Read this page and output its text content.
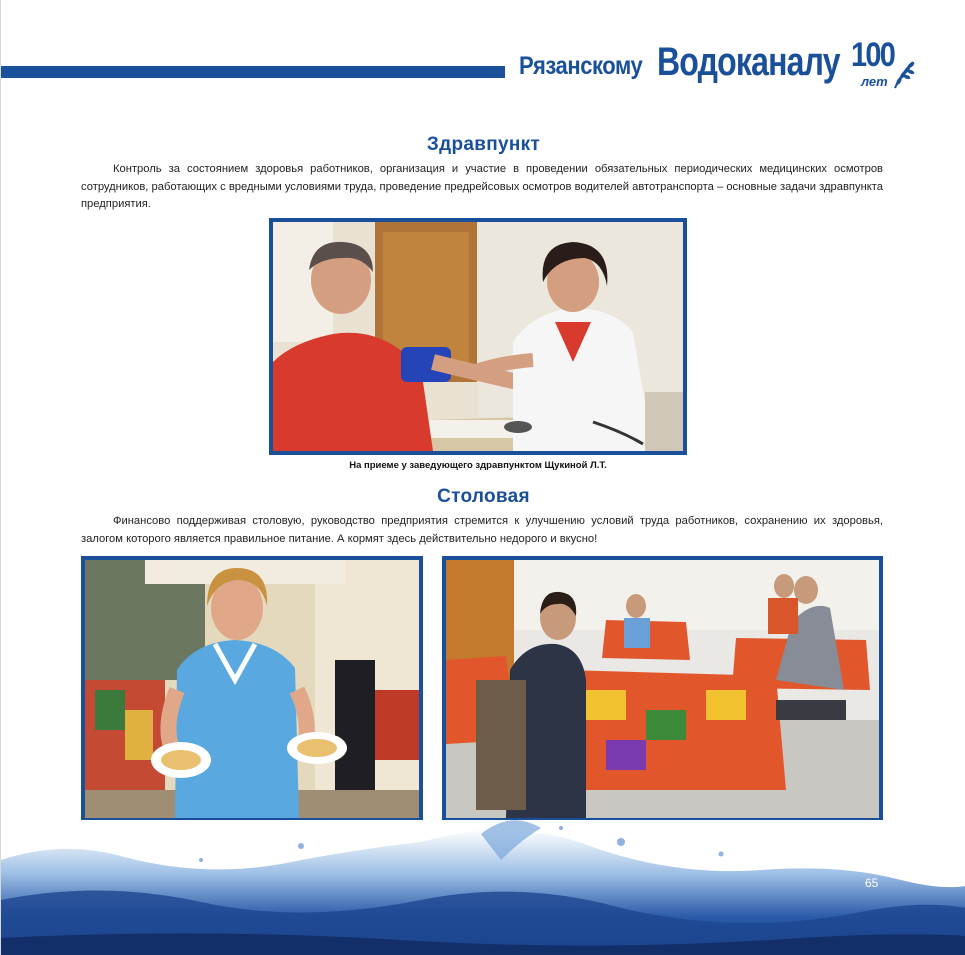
Рязанскому Водоканалу 100
лет
Здравпункт
Контроль за состоянием здоровья работников, организация и участие в проведении обязательных периодических медицинских осмотров сотрудников, работающих с вредными условиями труда, проведение предрейсовых осмотров водителей автотранспорта – основные задачи здравпункта предприятия.
На приеме у заведующего здравпунктом Щукиной Л.Т.
Столовая
Финансово поддерживая столовую, руководство предприятия стремится к улучшению условий труда работников, сохранению их здоровья, залогом которого является правильное питание. А кормят здесь действительно недорого и вкусно!
65
